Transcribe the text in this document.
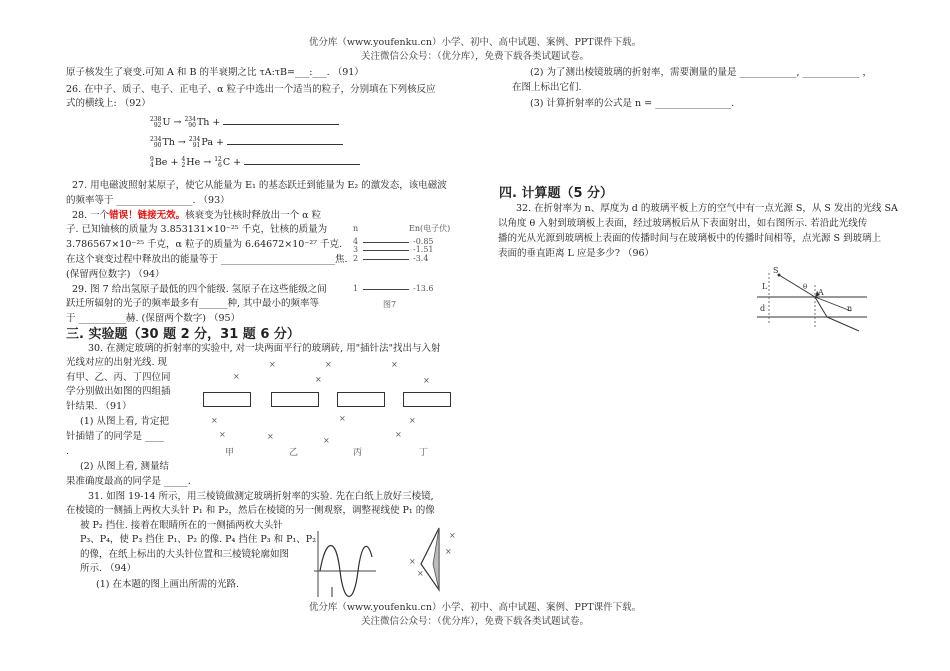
优分库（www.youfenku.cn）小学、初中、高中试题、案例、PPT课件下载。
关注微信公众号：（优分库），免费下载各类试题试卷。
原子核发生了衰变.可知 A 和 B 的半衰期之比 τA:τB=___:___. （91）
26. 在中子、质子、电子、正电子、α 粒子中选出一个适当的粒子，分别填在下列核反应
式的横线上: （92）
238
92U → 234
90Th +
234
90Th → 234
91Pa +
9
4Be + 4
2He → 12
6C +
27. 用电磁波照射某原子，使它从能量为 E₁ 的基态跃迁到能量为 E₂ 的激发态，该电磁波
的频率等于 ________________. （93）
28. 一个错误！链接无效。核衰变为钍核时释放出一个 α 粒
子. 已知铀核的质量为 3.853131×10⁻²⁵ 千克，钍核的质量为
3.786567×10⁻²⁵ 千克，α 粒子的质量为 6.64672×10⁻²⁷ 千克.
在这个衰变过程中释放出的能量等于 ________________________焦.
(保留两位数字) （94）
29. 图 7 给出氢原子最低的四个能级. 氢原子在这些能级之间
跃迁所辐射的光子的频率最多有______种, 其中最小的频率等
于 __________赫. (保留两个数字) （95）
n	En(电子伏)
4	-0.85
3	-1.51
2	-3.4
1	-13.6
图7
三. 实验题（30 题 2 分，31 题 6 分）
30. 在测定玻璃的折射率的实验中, 对一块两面平行的玻璃砖, 用"插针法"找出与入射
光线对应的出射光线. 现
有甲、乙、丙、丁四位同
学分别做出如图的四组插
针结果. （91）
(1) 从图上看, 肯定把
针插错了的同学是 ____
.
(2) 从图上看, 测量结
果准确度最高的同学是 _____.
×
×
×
×
×
×
×
×
×	×
×
×
×
甲	乙	丙	丁
31. 如图 19-14 所示，用三棱镜做测定玻璃折射率的实验. 先在白纸上放好三棱镜,
在棱镜的一侧插上两枚大头针 P₁ 和 P₂，然后在棱镜的另一侧观察，调整视线使 P₁ 的像
被 P₂ 挡住. 接着在眼睛所在的一侧插两枚大头针
P₃、P₄，使 P₃ 挡住 P₁、P₂ 的像. P₄ 挡住 P₃ 和 P₁、P₂
的像，在纸上标出的大头针位置和三棱镜轮廓如图
所示. （94）
(1) 在本题的图上画出所需的光路.
×
×
×
×
(2) 为了测出棱镜玻璃的折射率，需要测量的量是 ____________, ____________ ，
在图上标出它们.
(3) 计算折射率的公式是 n = ________________.
四. 计算题（5 分）
32. 在折射率为 n、厚度为 d 的玻璃平板上方的空气中有一点光源 S，从 S 发出的光线 SA
以角度 θ 入射到玻璃板上表面，经过玻璃板后从下表面射出，如右图所示. 若沿此光线传
播的光从光源到玻璃板上表面的传播时间与在玻璃板中的传播时间相等，点光源 S 到玻璃上
表面的垂直距离 L 应是多少? （96）
S
A
θ
n
d
L
优分库（www.youfenku.cn）小学、初中、高中试题、案例、PPT课件下载。
关注微信公众号：（优分库），免费下载各类试题试卷。
